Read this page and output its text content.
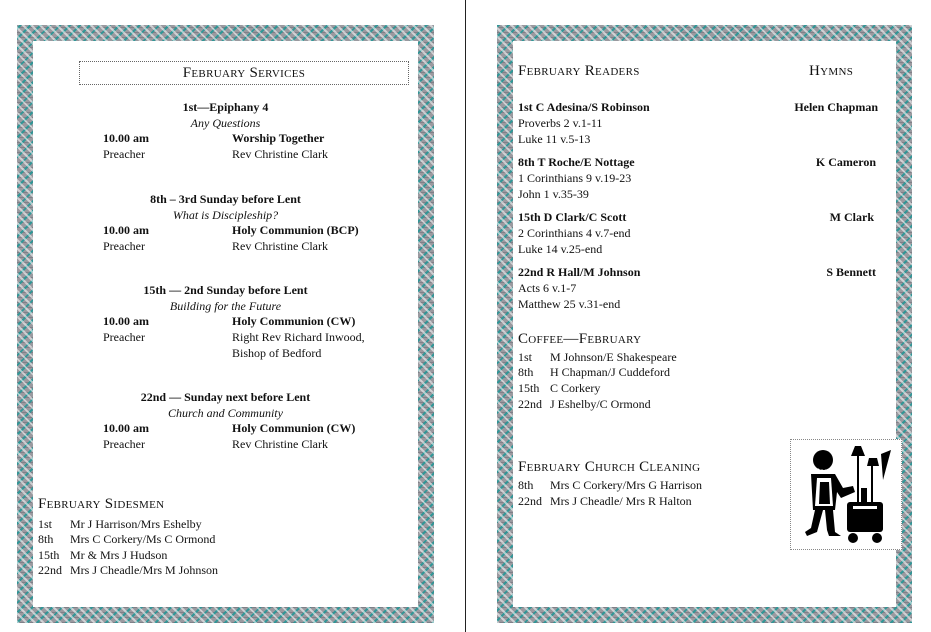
February Services
1st—Epiphany 4
Any Questions
10.00 am	Worship Together
Preacher	Rev Christine Clark
8th – 3rd Sunday before Lent
What is Discipleship?
10.00 am	Holy Communion (BCP)
Preacher	Rev Christine Clark
15th — 2nd Sunday before Lent
Building for the Future
10.00 am	Holy Communion (CW)
Preacher	Right Rev Richard Inwood,
Bishop of Bedford
22nd — Sunday next before Lent
Church and Community
10.00 am	Holy Communion (CW)
Preacher	Rev Christine Clark
February Sidesmen
1st Mr J Harrison/Mrs Eshelby
8th Mrs C Corkery/Ms C Ormond
15th Mr & Mrs J Hudson
22nd Mrs J Cheadle/Mrs M Johnson
February Readers	Hymns
1st C Adesina/S Robinson	Helen Chapman
Proverbs 2 v.1-11
Luke 11 v.5-13
8th T Roche/E Nottage	K Cameron
1 Corinthians 9 v.19-23
John 1 v.35-39
15th D Clark/C Scott	M Clark
2 Corinthians 4 v.7-end
Luke 14 v.25-end
22nd R Hall/M Johnson	S Bennett
Acts 6 v.1-7
Matthew 25 v.31-end
Coffee—February
1st M Johnson/E Shakespeare
8th H Chapman/J Cuddeford
15th C Corkery
22nd J Eshelby/C Ormond
February Church Cleaning
8th Mrs C Corkery/Mrs G Harrison
22nd Mrs J Cheadle/ Mrs R Halton
